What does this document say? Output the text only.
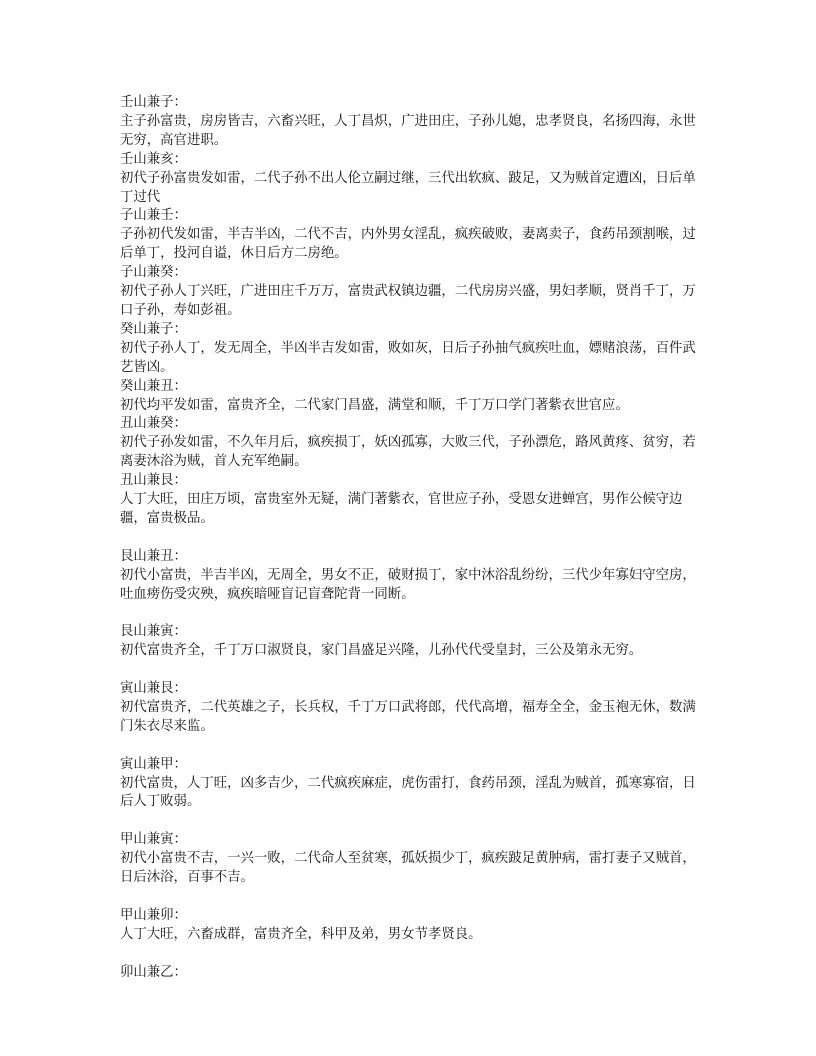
壬山兼子：
主子孙富贵，房房皆吉，六畜兴旺，人丁昌炽，广进田庄，子孙儿媳，忠孝贤良，名扬四海，永世无穷，高官进职。
壬山兼亥：
初代子孙富贵发如雷，二代子孙不出人伦立嗣过继，三代出软疯、跛足，又为贼首定遭凶，日后单丁过代
子山兼壬：
子孙初代发如雷，半吉半凶，二代不吉，内外男女淫乱，疯疾破败，妻离卖子，食药吊颈割喉，过后单丁，投河自谥，休日后方二房绝。
子山兼癸：
初代子孙人丁兴旺，广进田庄千万万，富贵武权镇边疆，二代房房兴盛，男妇孝顺，贤肖千丁，万口子孙，寿如彭祖。
癸山兼子：
初代子孙人丁，发无周全，半凶半吉发如雷，败如灰，日后子孙抽气疯疾吐血，嫖赌浪荡，百件武艺皆凶。
癸山兼丑：
初代均平发如雷，富贵齐全，二代家门昌盛，满堂和顺，千丁万口学门著紫衣世官应。
丑山兼癸：
初代子孙发如雷，不久年月后，疯疾损丁，妖凶孤寡，大败三代，子孙漂危，路风黄疼、贫穷，若离妻沐浴为贼，首人充军绝嗣。
丑山兼艮：
人丁大旺，田庄万顷，富贵室外无疑，满门著紫衣，官世应子孙，受恩女进蝉宫，男作公候守边疆，富贵极品。
艮山兼丑：
初代小富贵，半吉半凶，无周全，男女不正，破财损丁，家中沐浴乱纷纷，三代少年寡妇守空房，吐血痨伤受灾殃，疯疾暗哑盲记盲聋陀背一同断。
艮山兼寅：
初代富贵齐全，千丁万口淑贤良，家门昌盛足兴隆，儿孙代代受皇封，三公及第永无穷。
寅山兼艮：
初代富贵齐，二代英雄之子，长兵权，千丁万口武将郎，代代高增，福寿全全，金玉袍无休，数满门朱衣尽来监。
寅山兼甲：
初代富贵，人丁旺，凶多吉少，二代疯疾麻症，虎伤雷打，食药吊颈，淫乱为贼首，孤寒寡宿，日后人丁败弱。
甲山兼寅：
初代小富贵不吉，一兴一败，二代命人至贫寒，孤妖损少丁，疯疾跛足黄肿病，雷打妻子又贼首，日后沐浴，百事不吉。
甲山兼卯：
人丁大旺，六畜成群，富贵齐全，科甲及弟，男女节孝贤良。
卯山兼乙：
